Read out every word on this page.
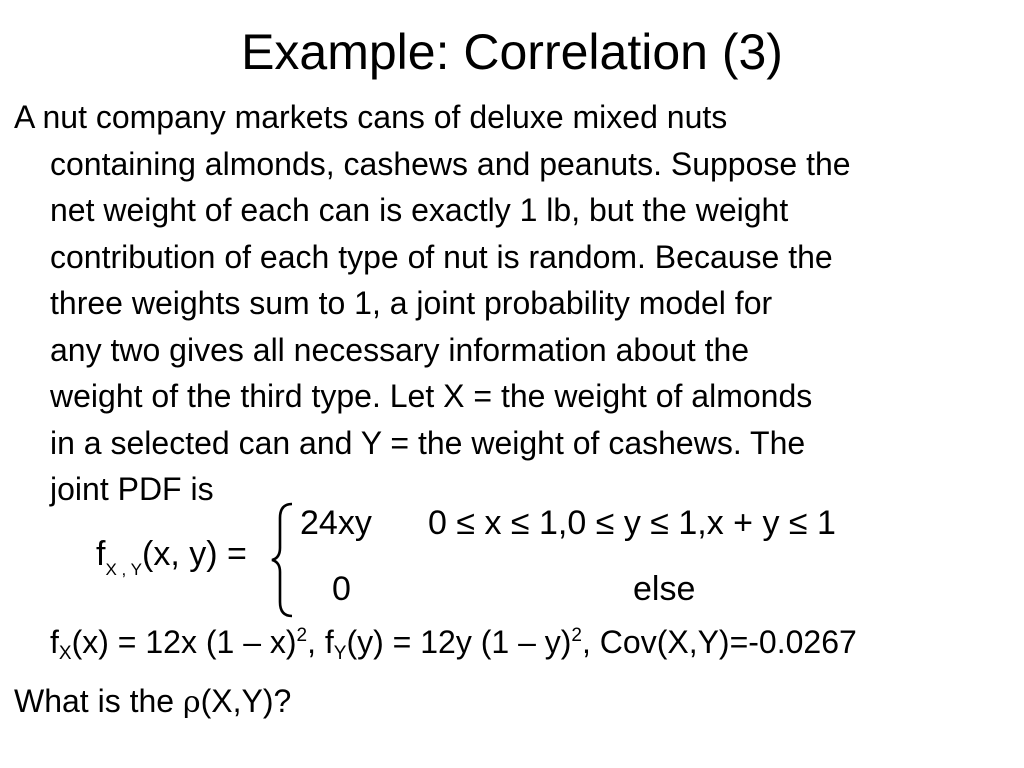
Example: Correlation (3)

A nut company markets cans of deluxe mixed nuts
containing almonds, cashews and peanuts. Suppose the
net weight of each can is exactly 1 lb, but the weight
contribution of each type of nut is random. Because the
three weights sum to 1, a joint probability model for
any two gives all necessary information about the
weight of the third type. Let X = the weight of almonds
in a selected can and Y = the weight of cashews. The
joint PDF is

$f_{X , Y}(x$, y) =
24xy 0 ≤ x ≤ 1,0 ≤ y ≤ 1,x + y ≤ 1
0	else
$f_X(x) = 12x$ (1 – x)$^2$, $f_Y(y) = 12y$ (1 – y)$^2$, Cov(X,Y)=-0.0267
What is the ρ(X,Y)?
